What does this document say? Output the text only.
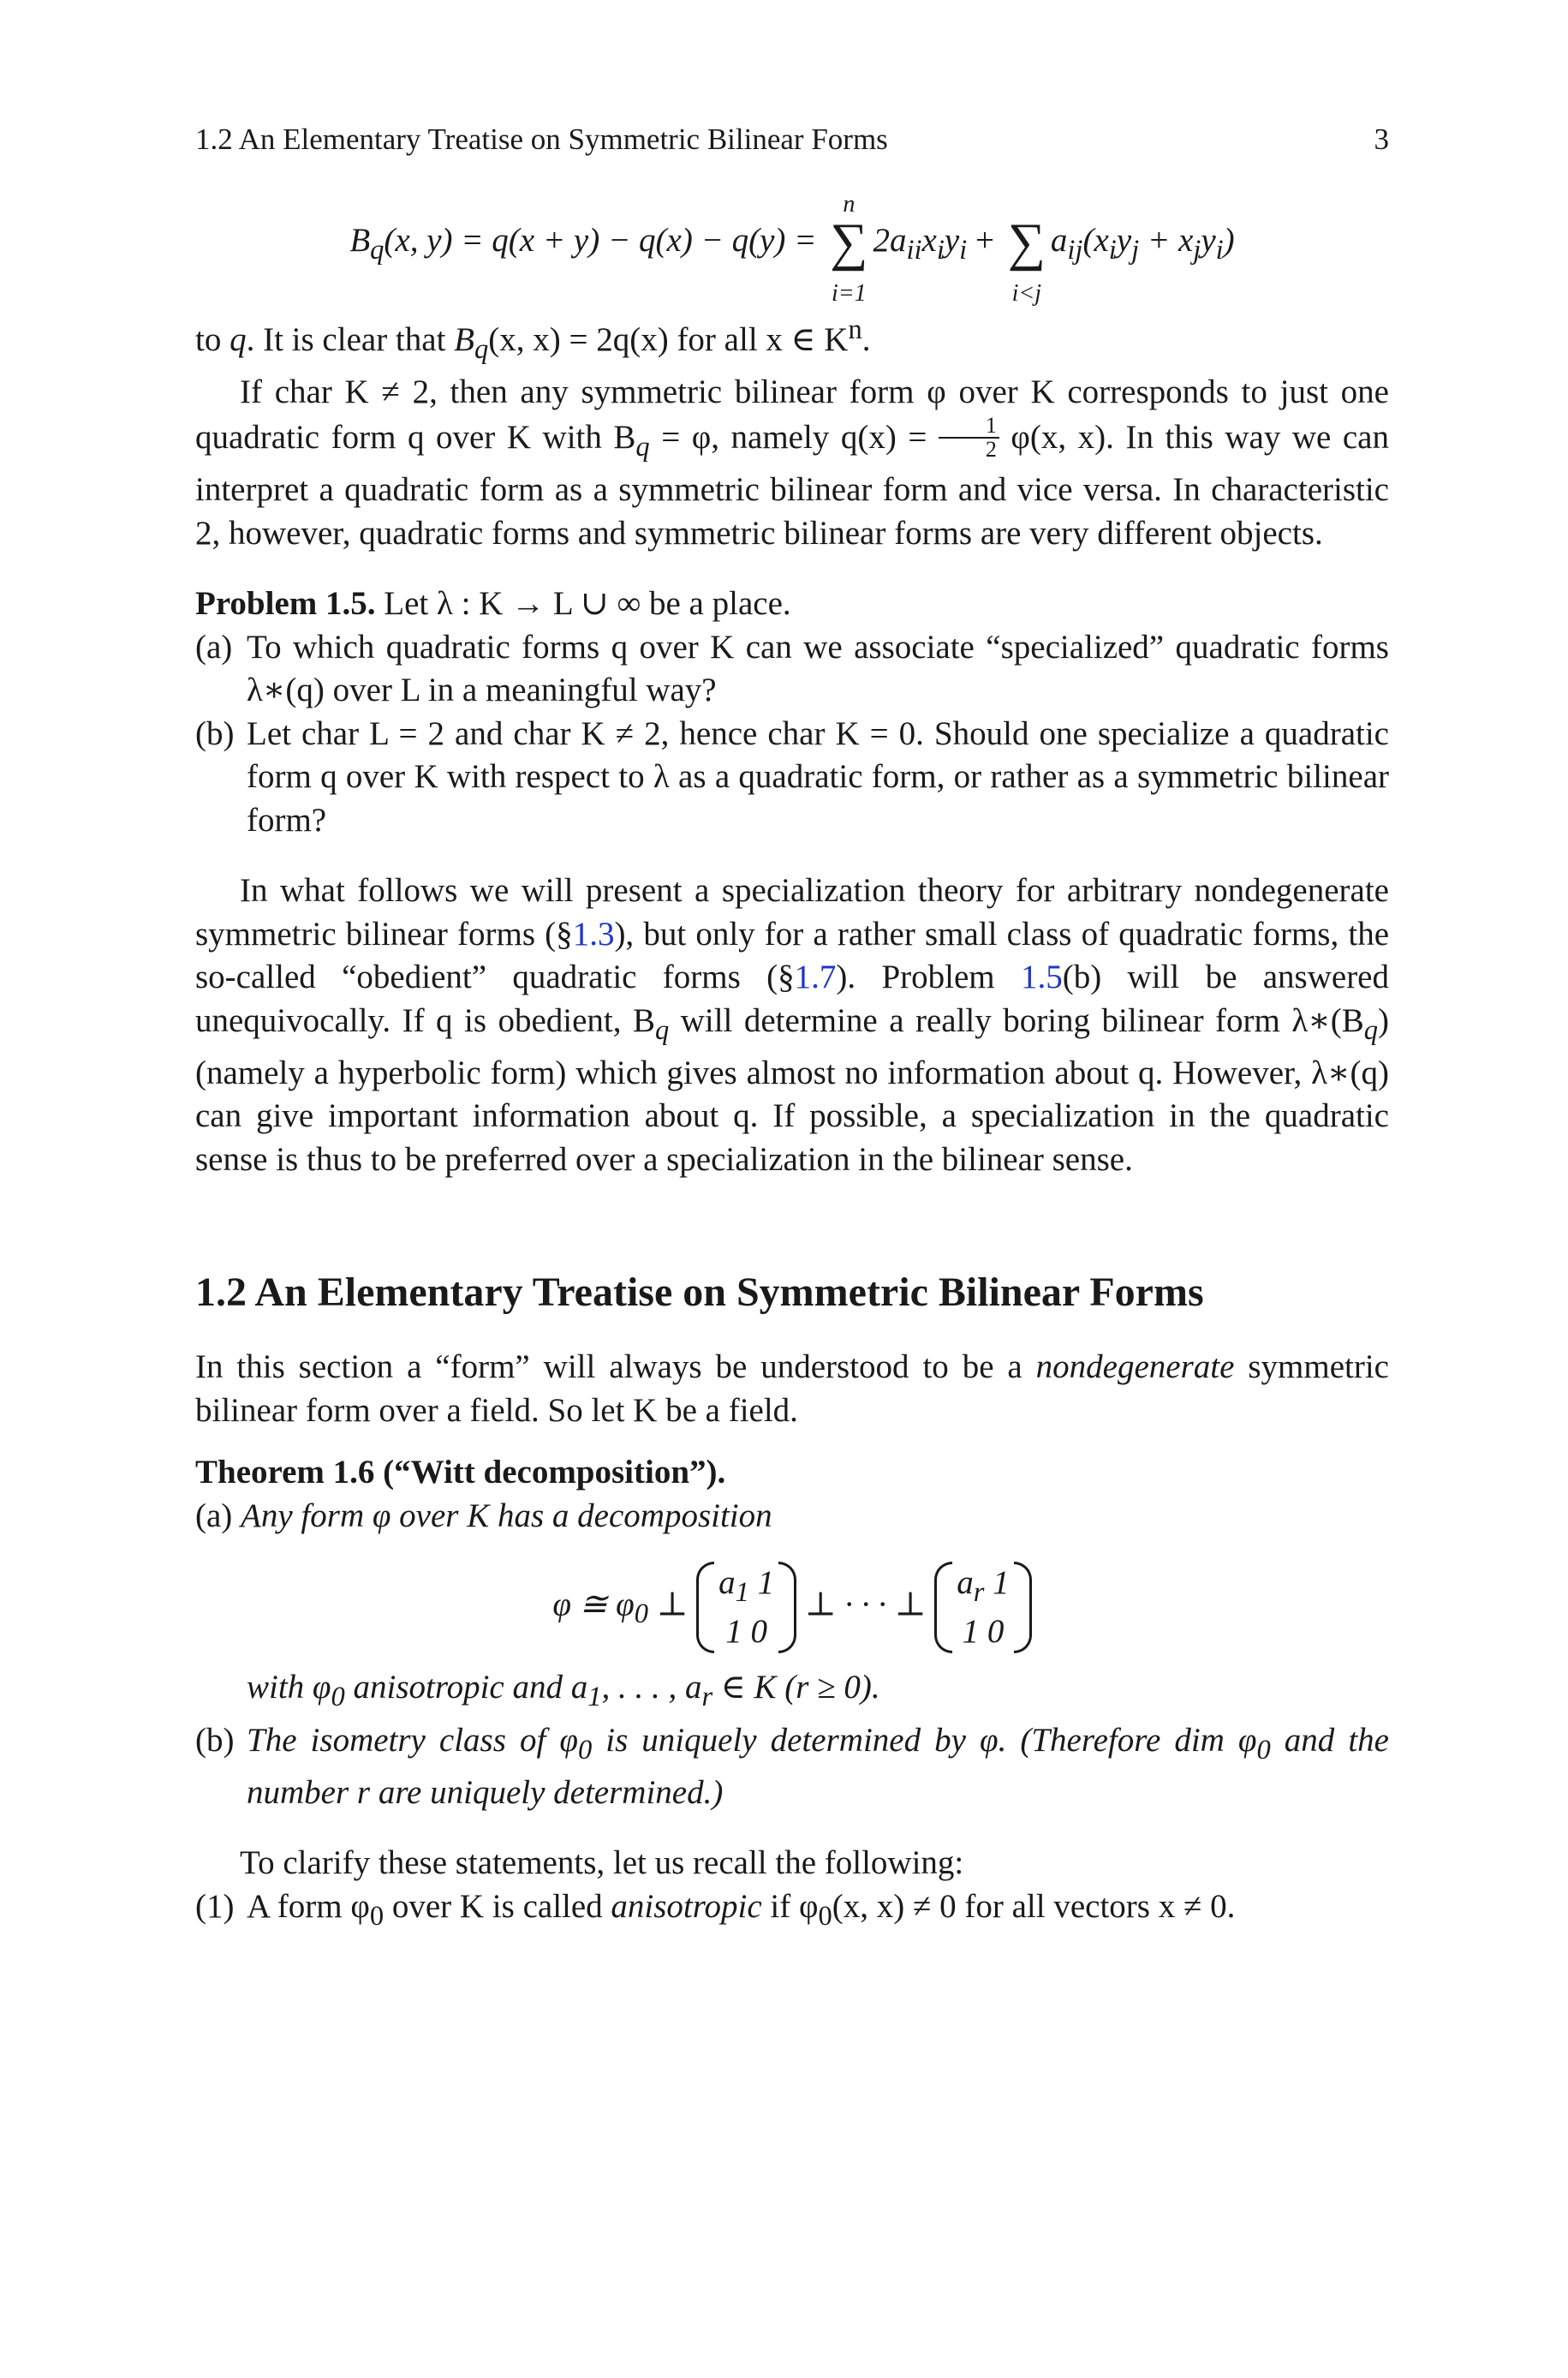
1.2 An Elementary Treatise on Symmetric Bilinear Forms	3
$B_q(x$, y) = q(x + y) − q(x) − q(y) = ∑
n
i=1
$2a_{ii}x_iy_i$ + ∑
i<j
$a_{ij}(x_iy_j + x_jy_i)$

to q. It is clear that $B_q(x$, x) = 2q(x) for all x ∈ $K^n$.

If char K ≠ 2, then any symmetric bilinear form φ over K corresponds to just one quadratic form q over K with $B_q = \varphi$, namely $q(x) = \frac{1}{2} \varphi(x$, x). In this way we can interpret a quadratic form as a symmetric bilinear form and vice versa. In characteristic 2, however, quadratic forms and symmetric bilinear forms are very different objects.

Problem 1.5. Let λ : K → L ∪ ∞ be a place.

(a) To which quadratic forms q over K can we associate “specialized” quadratic forms λ∗(q) over L in a meaningful way?
(b) Let char L = 2 and char K ≠ 2, hence char K = 0. Should one specialize a quadratic form q over K with respect to λ as a quadratic form, or rather as a symmetric bilinear form?

In what follows we will present a specialization theory for arbitrary nondegenerate symmetric bilinear forms (§1.3), but only for a rather small class of quadratic forms, the so-called “obedient” quadratic forms (§1.7). Problem 1.5(b) will be answered unequivocally. If q is obedient, $B_q$ will determine a really boring bilinear form $\lambda∗(B_q)$ (namely a hyperbolic form) which gives almost no information about q. However, λ∗(q) can give important information about q. If possible, a specialization in the quadratic sense is thus to be preferred over a specialization in the bilinear sense.

1.2 An Elementary Treatise on Symmetric Bilinear Forms

In this section a “form” will always be understood to be a nondegenerate symmetric bilinear form over a field. So let K be a field.

Theorem 1.6 (“Witt decomposition”).

(a) Any form φ over K has a decomposition

φ ≅ $\varphi_0$ ⊥
$a_1$ 1
1 0
⊥ · · · ⊥
$a_r$ 1
1 0

with $\varphi_0$ anisotropic and $a_1$, . . . , $a_r$ ∈ K (r ≥ 0).

(b) The isometry class of $\varphi_0$ is uniquely determined by φ. (Therefore dim $\varphi_0$ and the number r are uniquely determined.)

To clarify these statements, let us recall the following:

(1) A form $\varphi_0$ over K is called anisotropic if $\varphi_0(x$, x) ≠ 0 for all vectors x ≠ 0.
